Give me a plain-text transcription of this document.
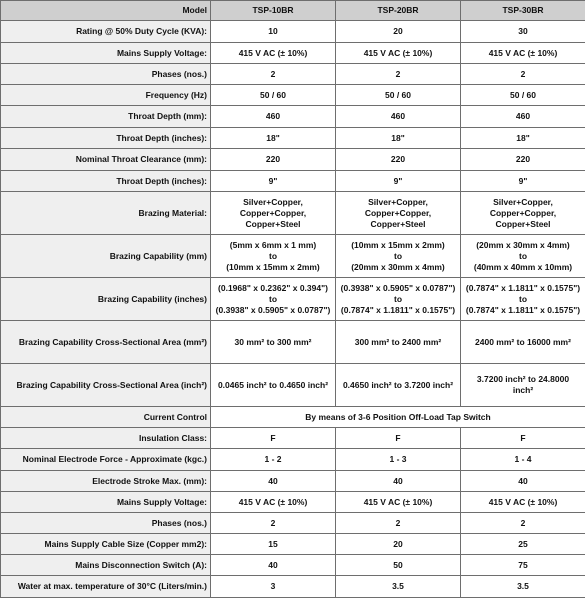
Model	TSP-10BR	TSP-20BR	TSP-30BR
Rating @ 50% Duty Cycle (KVA):	10	20	30

Mains Supply Voltage:	415 V AC (± 10%)	415 V AC (± 10%)	415 V AC (± 10%)

Phases (nos.)	2	2	2

Frequency (Hz)	50 / 60	50 / 60	50 / 60

Throat Depth (mm):	460	460	460

Throat Depth (inches):	18"	18"	18"

Nominal Throat Clearance (mm):	220	220	220

Throat Depth (inches):	9"	9"	9"

Brazing Material:	Silver+Copper,
Copper+Copper,
Copper+Steel	Silver+Copper,
Copper+Copper,
Copper+Steel	Silver+Copper,
Copper+Copper,
Copper+Steel

Brazing Capability (mm)	(5mm x 6mm x 1 mm)
to
(10mm x 15mm x 2mm)	(10mm x 15mm x 2mm)
to
(20mm x 30mm x 4mm)	(20mm x 30mm x 4mm)
to
(40mm x 40mm x 10mm)

Brazing Capability (inches)	(0.1968" x 0.2362" x 0.394")
to
(0.3938" x 0.5905" x 0.0787")	(0.3938" x 0.5905" x 0.0787")
to
(0.7874" x 1.1811" x 0.1575")	(0.7874" x 1.1811" x 0.1575")
to
(0.7874" x 1.1811" x 0.1575")

Brazing Capability Cross-Sectional Area (mm²)	30 mm² to 300 mm²	300 mm² to 2400 mm²	2400 mm² to 16000 mm²

Brazing Capability Cross-Sectional Area (inch²)	0.0465 inch² to 0.4650 inch²	0.4650 inch² to 3.7200 inch²	3.7200 inch² to 24.8000
inch²

Current Control	By means of 3-6 Position Off-Load Tap Switch		
Insulation Class:	F	F	F

Nominal Electrode Force - Approximate (kgc.)	1 - 2	1 - 3	1 - 4

Electrode Stroke Max. (mm):	40	40	40

Mains Supply Voltage:	415 V AC (± 10%)	415 V AC (± 10%)	415 V AC (± 10%)

Phases (nos.)	2	2	2

Mains Supply Cable Size (Copper mm2):	15	20	25

Mains Disconnection Switch (A):	40	50	75

Water at max. temperature of 30°C (Liters/min.)	3	3.5	3.5
